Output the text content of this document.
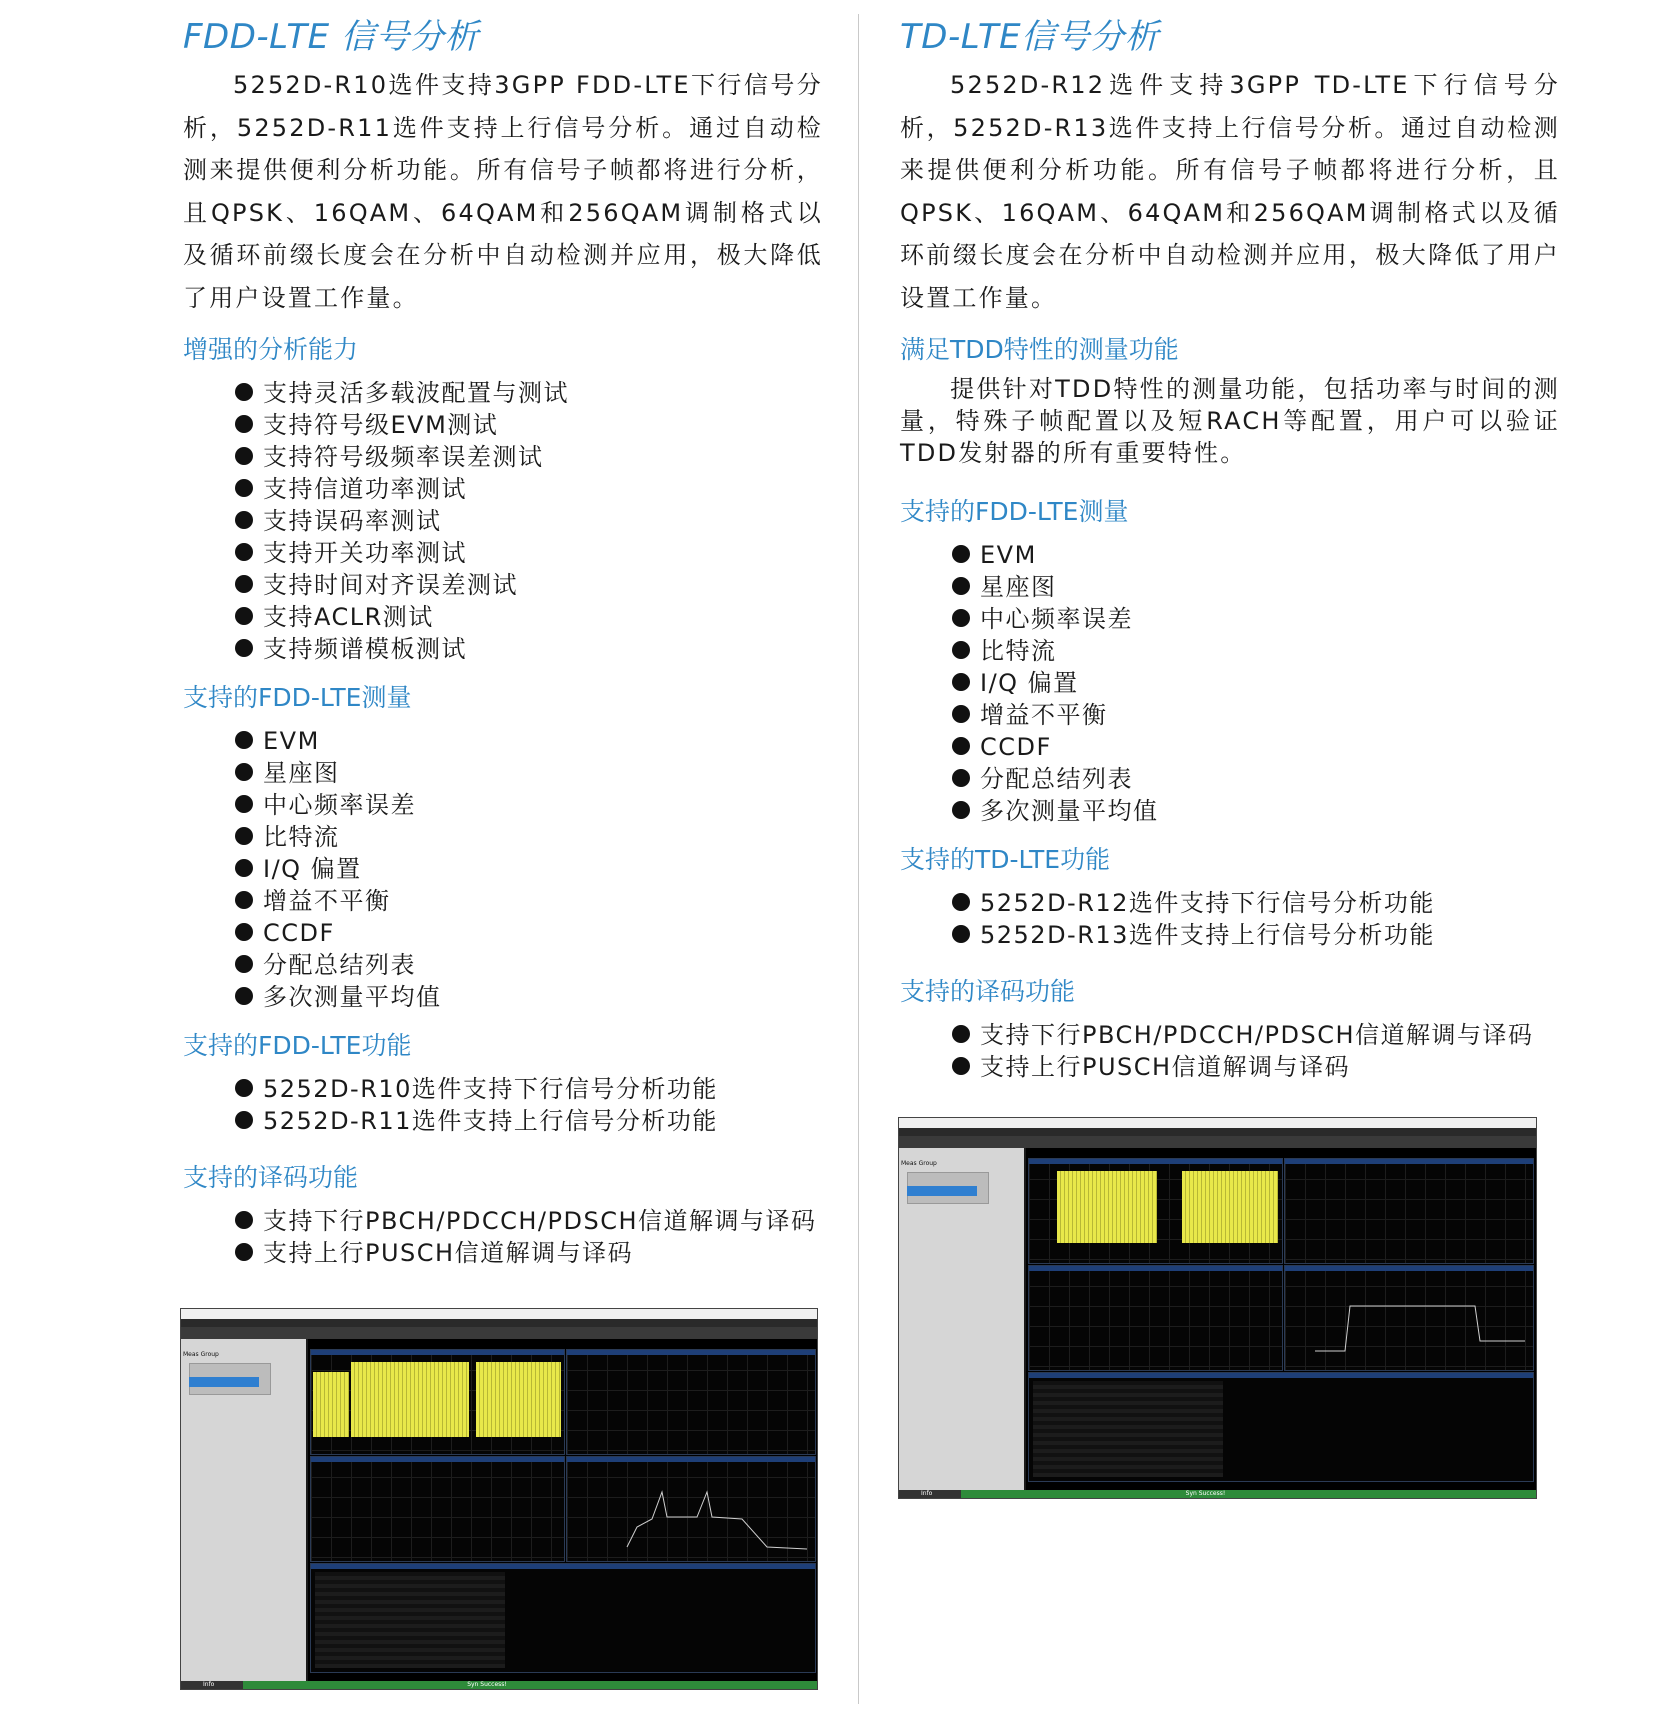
FDD-LTE 信号分析

5252D-R10选件支持3GPP FDD-LTE下行信号分析，5252D-R11选件支持上行信号分析。通过自动检测来提供便利分析功能。所有信号子帧都将进行分析，且QPSK、16QAM、64QAM和256QAM调制格式以及循环前缀长度会在分析中自动检测并应用，极大降低了用户设置工作量。

增强的分析能力
支持灵活多载波配置与测试
支持符号级EVM测试
支持符号级频率误差测试
支持信道功率测试
支持误码率测试
支持开关功率测试
支持时间对齐误差测试
支持ACLR测试
支持频谱模板测试
支持的FDD-LTE测量
EVM
星座图
中心频率误差
比特流
I/Q 偏置
增益不平衡
CCDF
分配总结列表
多次测量平均值
支持的FDD-LTE功能
5252D-R10选件支持下行信号分析功能
5252D-R11选件支持上行信号分析功能
支持的译码功能
支持下行PBCH/PDCCH/PDSCH信道解调与译码
支持上行PUSCH信道解调与译码
TD-LTE信号分析

5252D-R12选件支持3GPP TD-LTE下行信号分析，5252D-R13选件支持上行信号分析。通过自动检测来提供便利分析功能。所有信号子帧都将进行分析，且QPSK、16QAM、64QAM和256QAM调制格式以及循环前缀长度会在分析中自动检测并应用，极大降低了用户设置工作量。

满足TDD特性的测量功能

提供针对TDD特性的测量功能，包括功率与时间的测量，特殊子帧配置以及短RACH等配置，用户可以验证TDD发射器的所有重要特性。

支持的FDD-LTE测量
EVM
星座图
中心频率误差
比特流
I/Q 偏置
增益不平衡
CCDF
分配总结列表
多次测量平均值
支持的TD-LTE功能
5252D-R12选件支持下行信号分析功能
5252D-R13选件支持上行信号分析功能
支持的译码功能
支持下行PBCH/PDCCH/PDSCH信道解调与译码
支持上行PUSCH信道解调与译码
Meas Group
Info	Syn Success!
Meas Group
Info	Syn Success!
